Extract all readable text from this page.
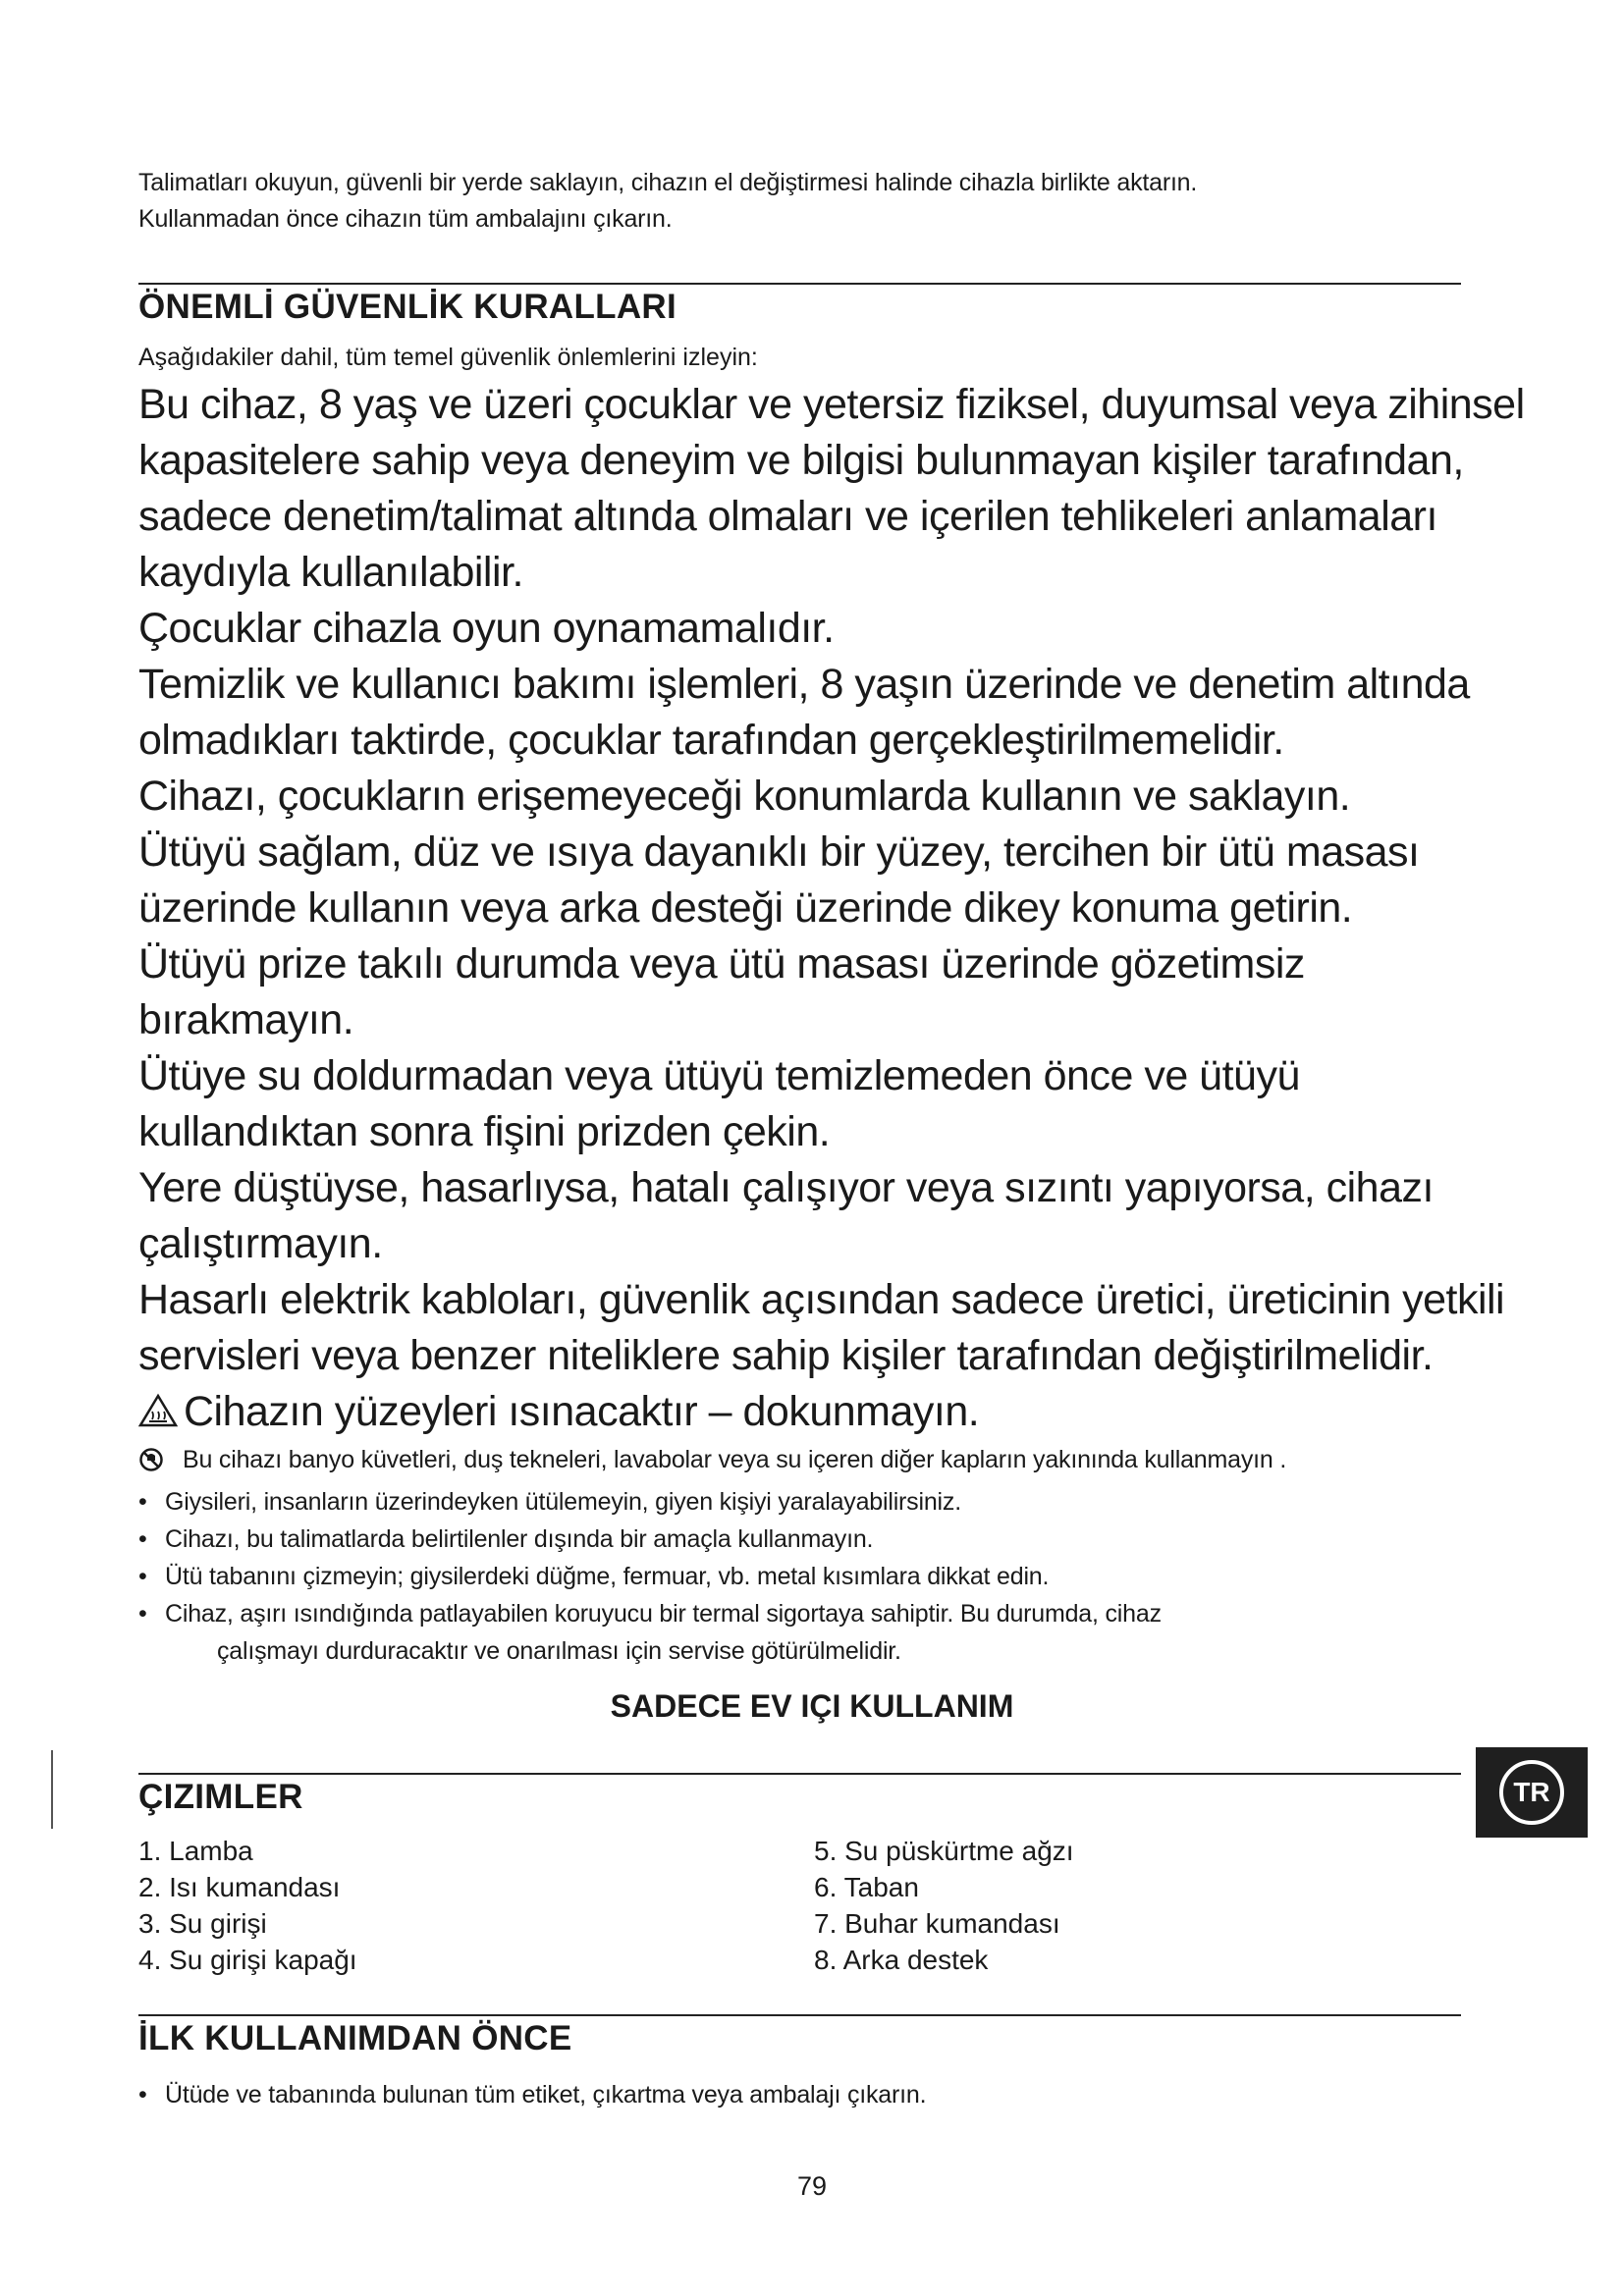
Talimatları okuyun, güvenli bir yerde saklayın, cihazın el değiştirmesi halinde cihazla birlikte aktarın.
Kullanmadan önce cihazın tüm ambalajını çıkarın.
ÖNEMLİ GÜVENLİK KURALLARI
Aşağıdakiler dahil, tüm temel güvenlik önlemlerini izleyin:

Bu cihaz, 8 yaş ve üzeri çocuklar ve yetersiz fiziksel, duyumsal veya zihinsel
kapasitelere sahip veya deneyim ve bilgisi bulunmayan kişiler tarafından,
sadece denetim/talimat altında olmaları ve içerilen tehlikeleri anlamaları
kaydıyla kullanılabilir.

Çocuklar cihazla oyun oynamamalıdır.

Temizlik ve kullanıcı bakımı işlemleri, 8 yaşın üzerinde ve denetim altında
olmadıkları taktirde, çocuklar tarafından gerçekleştirilmemelidir.

Cihazı, çocukların erişemeyeceği konumlarda kullanın ve saklayın.

Ütüyü sağlam, düz ve ısıya dayanıklı bir yüzey, tercihen bir ütü masası
üzerinde kullanın veya arka desteği üzerinde dikey konuma getirin.

Ütüyü prize takılı durumda veya ütü masası üzerinde gözetimsiz
bırakmayın.

Ütüye su doldurmadan veya ütüyü temizlemeden önce ve ütüyü
kullandıktan sonra fişini prizden çekin.

Yere düştüyse, hasarlıysa, hatalı çalışıyor veya sızıntı yapıyorsa, cihazı
çalıştırmayın.

Hasarlı elektrik kabloları, güvenlik açısından sadece üretici, üreticinin yetkili
servisleri veya benzer niteliklere sahip kişiler tarafından değiştirilmelidir.

Cihazın yüzeyleri ısınacaktır – dokunmayın.

Bu cihazı banyo küvetleri, duş tekneleri, lavabolar veya su içeren diğer kapların yakınında kullanmayın .
• Giysileri, insanların üzerindeyken ütülemeyin, giyen kişiyi yaralayabilirsiniz.
• Cihazı, bu talimatlarda belirtilenler dışında bir amaçla kullanmayın.
• Ütü tabanını çizmeyin; giysilerdeki düğme, fermuar, vb. metal kısımlara dikkat edin.
• Cihaz, aşırı ısındığında patlayabilen koruyucu bir termal sigortaya sahiptir. Bu durumda, cihaz
çalışmayı durduracaktır ve onarılması için servise götürülmelidir.
SADECE EV IÇI KULLANIM
ÇIZIMLER	TR
1. Lamba
2. Isı kumandası
3. Su girişi
4. Su girişi kapağı
5. Su püskürtme ağzı
6. Taban
7. Buhar kumandası
8. Arka destek
İLK KULLANIMDAN ÖNCE
• Ütüde ve tabanında bulunan tüm etiket, çıkartma veya ambalajı çıkarın.
79
